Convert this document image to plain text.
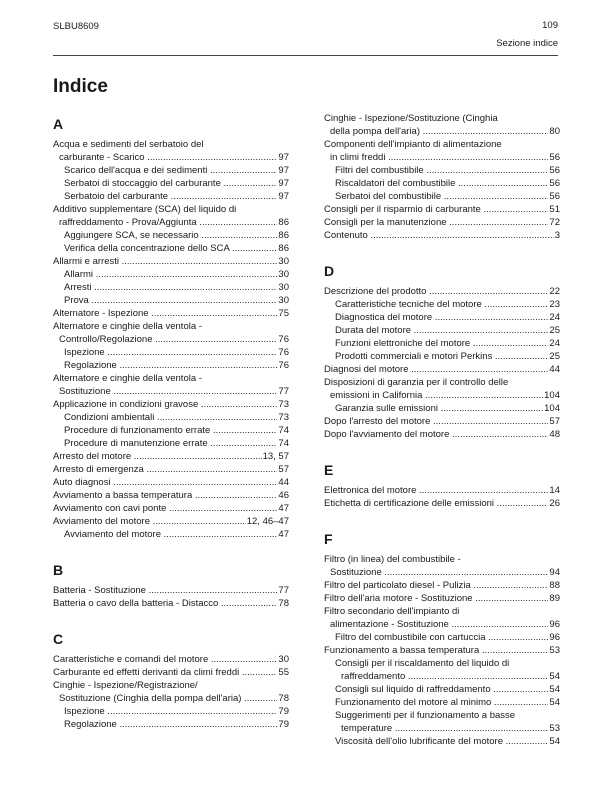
SLBU8609	109
Sezione indice
Indice
A
Acqua e sedimenti del serbatoio del
carburante - Scarico .....	97
Scarico dell'acqua e dei sedimenti .....	97
Serbatoi di stoccaggio del carburante .....	97
Serbatoio del carburante .....	97
Additivo supplementare (SCA) del liquido di
raffreddamento - Prova/Aggiunta .....	86
Aggiungere SCA, se necessario .....	86
Verifica della concentrazione dello SCA .....	86
Allarmi e arresti .....	30
Allarmi .....	30
Arresti .....	30
Prova .....	30
Alternatore - Ispezione .....	75
Alternatore e cinghie della ventola -
Controllo/Regolazione .....	76
Ispezione .....	76
Regolazione .....	76
Alternatore e cinghie della ventola -
Sostituzione .....	77
Applicazione in condizioni gravose .....	73
Condizioni ambientali .....	73
Procedure di funzionamento errate .....	74
Procedure di manutenzione errate .....	74
Arresto del motore .....	13, 57
Arresto di emergenza .....	57
Auto diagnosi .....	44
Avviamento a bassa temperatura .....	46
Avviamento con cavi ponte .....	47
Avviamento del motore .....	12, 46–47
Avviamento del motore .....	47
B
Batteria - Sostituzione .....	77
Batteria o cavo della batteria - Distacco .....	78
C
Caratteristiche e comandi del motore .....	30
Carburante ed effetti derivanti da climi freddi .....	55
Cinghie - Ispezione/Registrazione/
Sostituzione (Cinghia della pompa dell'aria) .....	78
Ispezione .....	79
Regolazione .....	79
Cinghie - Ispezione/Sostituzione (Cinghia
della pompa dell'aria) .....	80
Componenti dell'impianto di alimentazione
in climi freddi .....	56
Filtri del combustibile .....	56
Riscaldatori del combustibile .....	56
Serbatoi del combustibile .....	56
Consigli per il risparmio di carburante .....	51
Consigli per la manutenzione .....	72
Contenuto .....	3
D
Descrizione del prodotto .....	22
Caratteristiche tecniche del motore .....	23
Diagnostica del motore .....	24
Durata del motore .....	25
Funzioni elettroniche del motore .....	24
Prodotti commerciali e motori Perkins .....	25
Diagnosi del motore .....	44
Disposizioni di garanzia per il controllo delle
emissioni in California .....	104
Garanzia sulle emissioni .....	104
Dopo l'arresto del motore .....	57
Dopo l'avviamento del motore .....	48
E
Elettronica del motore .....	14
Etichetta di certificazione delle emissioni .....	26
F
Filtro (in linea) del combustibile -
Sostituzione .....	94
Filtro del particolato diesel - Pulizia .....	88
Filtro dell'aria motore - Sostituzione .....	89
Filtro secondario dell'impianto di
alimentazione - Sostituzione .....	96
Filtro del combustibile con cartuccia .....	96
Funzionamento a bassa temperatura .....	53
Consigli per il riscaldamento del liquido di
raffreddamento .....	54
Consigli sul liquido di raffreddamento .....	54
Funzionamento del motore al minimo .....	54
Suggerimenti per il funzionamento a basse
temperature .....	53
Viscosità dell'olio lubrificante del motore .....	54
